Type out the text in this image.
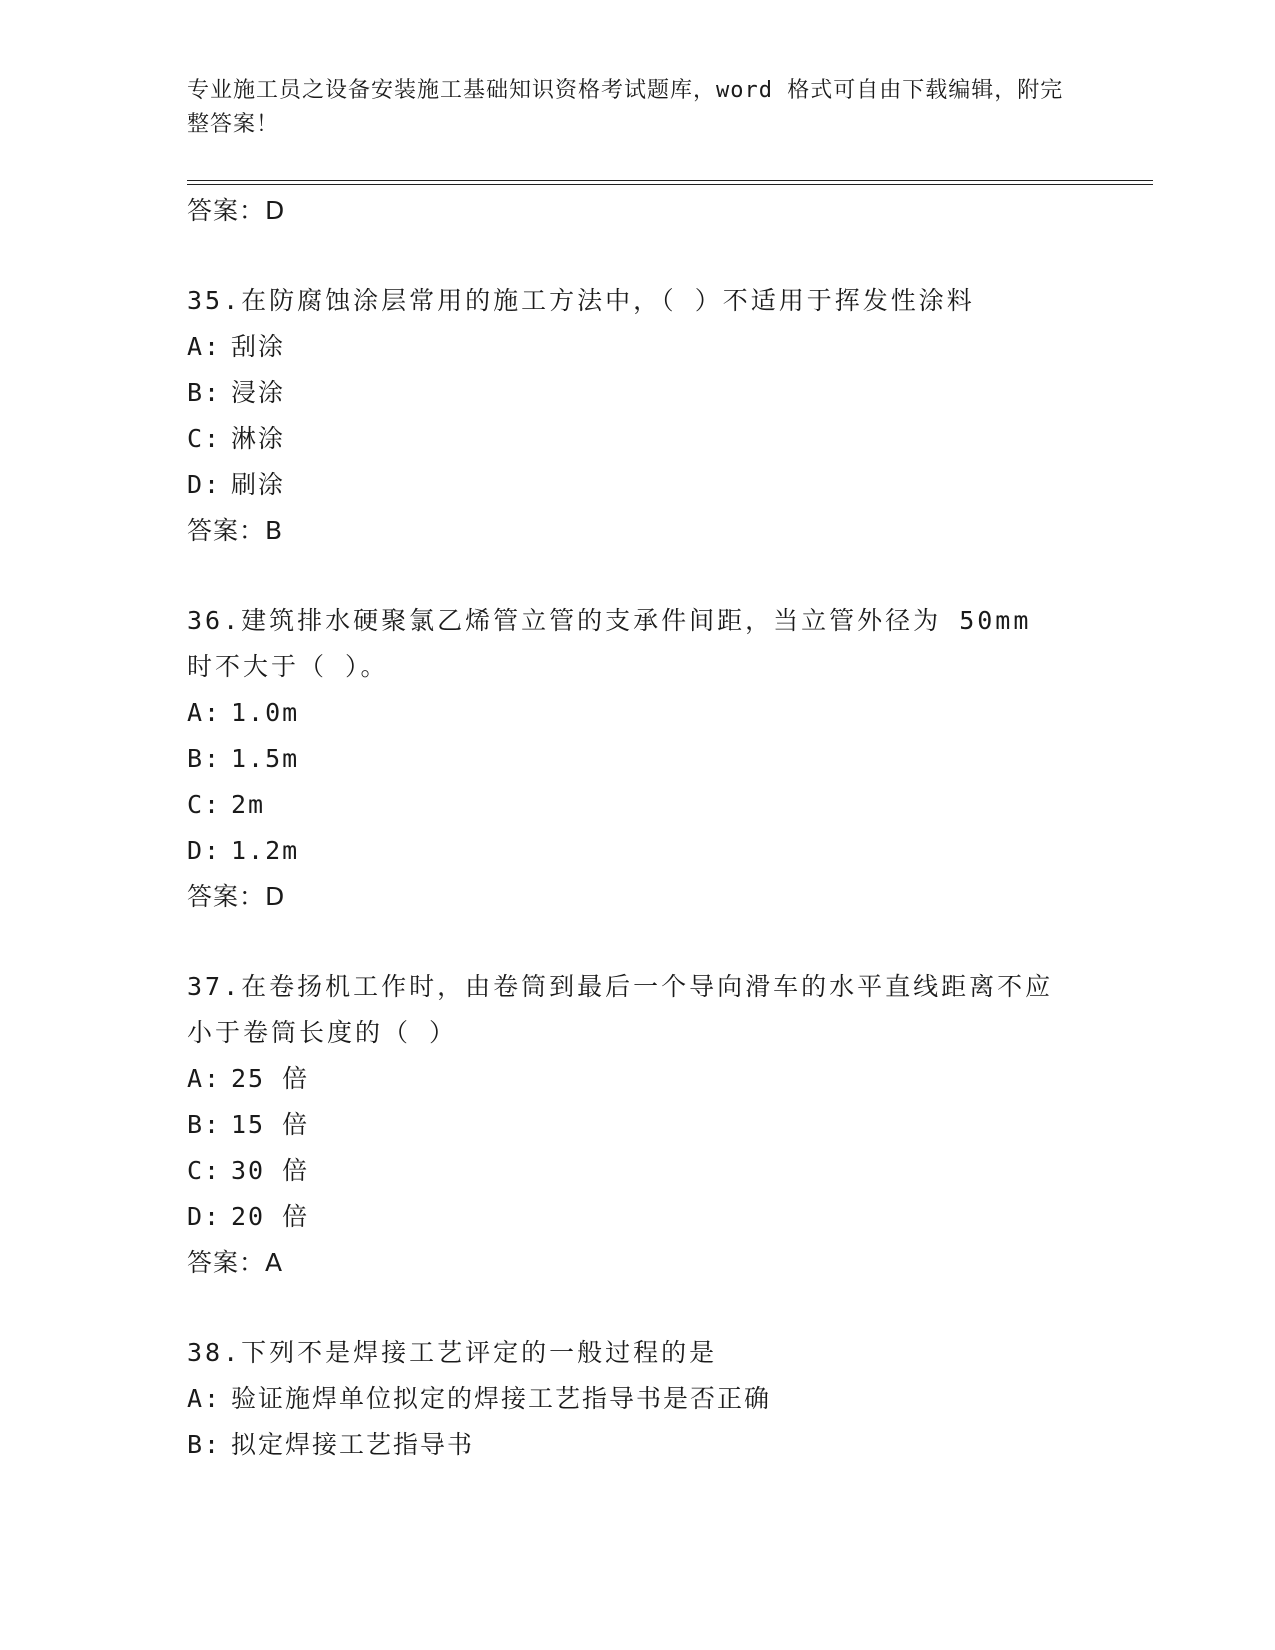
专业施工员之设备安装施工基础知识资格考试题库，word 格式可自由下载编辑，附完整答案！

答案：D

35.在防腐蚀涂层常用的施工方法中，（ ）不适用于挥发性涂料

A: 刮涂

B: 浸涂

C: 淋涂

D: 刷涂

答案：B

36.建筑排水硬聚氯乙烯管立管的支承件间距，当立管外径为 50mm 时不大于（ ）。

A: 1.0m

B: 1.5m

C: 2m

D: 1.2m

答案：D

37.在卷扬机工作时，由卷筒到最后一个导向滑车的水平直线距离不应小于卷筒长度的（ ）

A: 25 倍

B: 15 倍

C: 30 倍

D: 20 倍

答案：A

38.下列不是焊接工艺评定的一般过程的是

A: 验证施焊单位拟定的焊接工艺指导书是否正确

B: 拟定焊接工艺指导书
